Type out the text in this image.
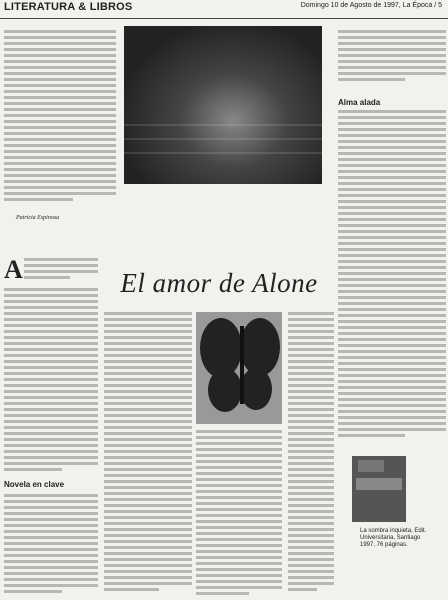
LITERATURA & LIBROS	Domingo 10 de Agosto de 1997, La Época / 5
Patricia Espinosa
A	El amor de Alone
Novela en clave
Alma alada
La sombra inquieta, Edit. Universitaria, Santiago 1997, 76 páginas.
